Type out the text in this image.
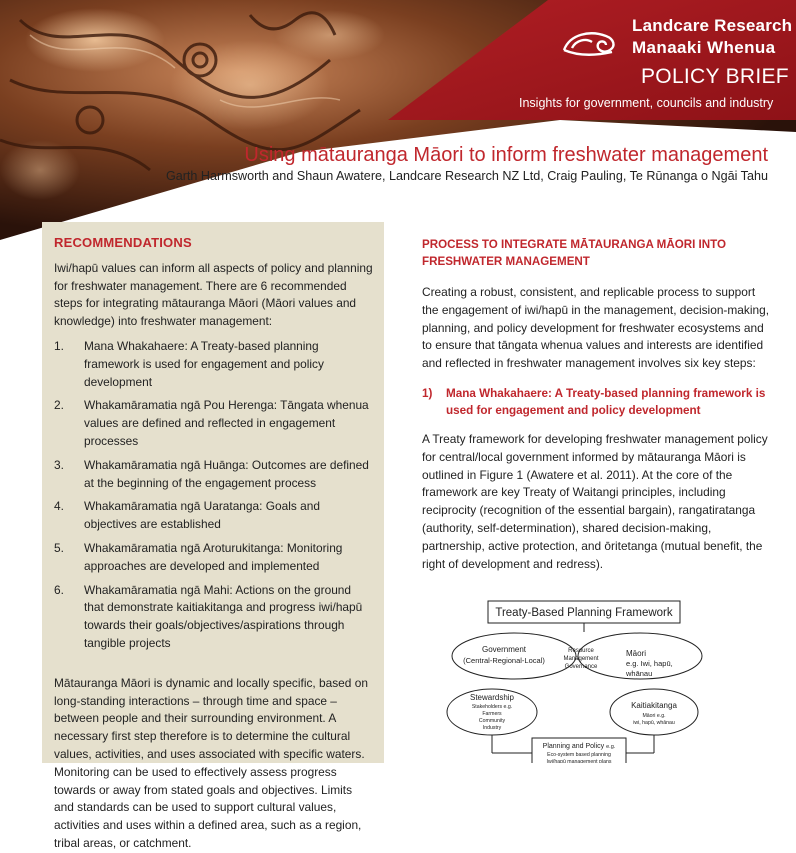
Landcare Research
Manaaki Whenua
POLICY BRIEF
Insights for government, councils and industry
Using mātauranga Māori to inform freshwater management
Garth Harmsworth and Shaun Awatere, Landcare Research NZ Ltd, Craig Pauling, Te Rūnanga o Ngāi Tahu
RECOMMENDATIONS

Iwi/hapū values can inform all aspects of policy and planning for freshwater management. There are 6 recommended steps for integrating mātauranga Māori (Māori values and knowledge) into freshwater management:

1.	Mana Whakahaere: A Treaty-based planning framework is used for engagement and policy development
2.	Whakamāramatia ngā Pou Herenga: Tāngata whenua values are defined and reflected in engagement processes
3.	Whakamāramatia ngā Huānga: Outcomes are defined at the beginning of the engagement process
4.	Whakamāramatia ngā Uaratanga: Goals and objectives are established
5.	Whakamāramatia ngā Aroturukitanga: Monitoring approaches are developed and implemented
6.	Whakamāramatia ngā Mahi: Actions on the ground that demonstrate kaitiakitanga and progress iwi/hapū towards their goals/objectives/aspirations through tangible projects

Mātauranga Māori is dynamic and locally specific, based on long-standing interactions – through time and space – between people and their surrounding environment. A necessary first step therefore is to determine the cultural values, activities, and uses associated with specific waters. Monitoring can be used to effectively assess progress towards or away from stated goals and objectives. Limits and standards can be used to support cultural values, activities and uses within a defined area, such as a region, tribal areas, or catchment.

PROCESS TO INTEGRATE MĀTAURANGA MĀORI INTO FRESHWATER MANAGEMENT

Creating a robust, consistent, and replicable process to support the engagement of iwi/hapū in the management, decision-making, planning, and policy development for freshwater ecosystems and to ensure that tāngata whenua values and interests are identified and reflected in freshwater management involves six key steps:

1)	Mana Whakahaere: A Treaty-based planning framework is used for engagement and policy development

A Treaty framework for developing freshwater management policy for central/local government informed by mātauranga Māori is outlined in Figure 1 (Awatere et al. 2011). At the core of the framework are key Treaty of Waitangi principles, including reciprocity (recognition of the essential bargain), rangatiratanga (authority, self-determination), shared decision-making, partnership, active protection, and ōritetanga (mutual benefit, the right of development and redress).

Treaty-Based Planning Framework
Government
(Central-Regional-Local)
Resource
Management
Governance
Māori
e.g. Iwi, hapū,
whānau
Stewardship
Stakeholders e.g.
Farmers
Community
Industry
Kaitiakitanga
Māori e.g.
iwi, hapū, whānau
Planning and Policy e.g.
Eco-system based planning
Iwi/hapū management plans
